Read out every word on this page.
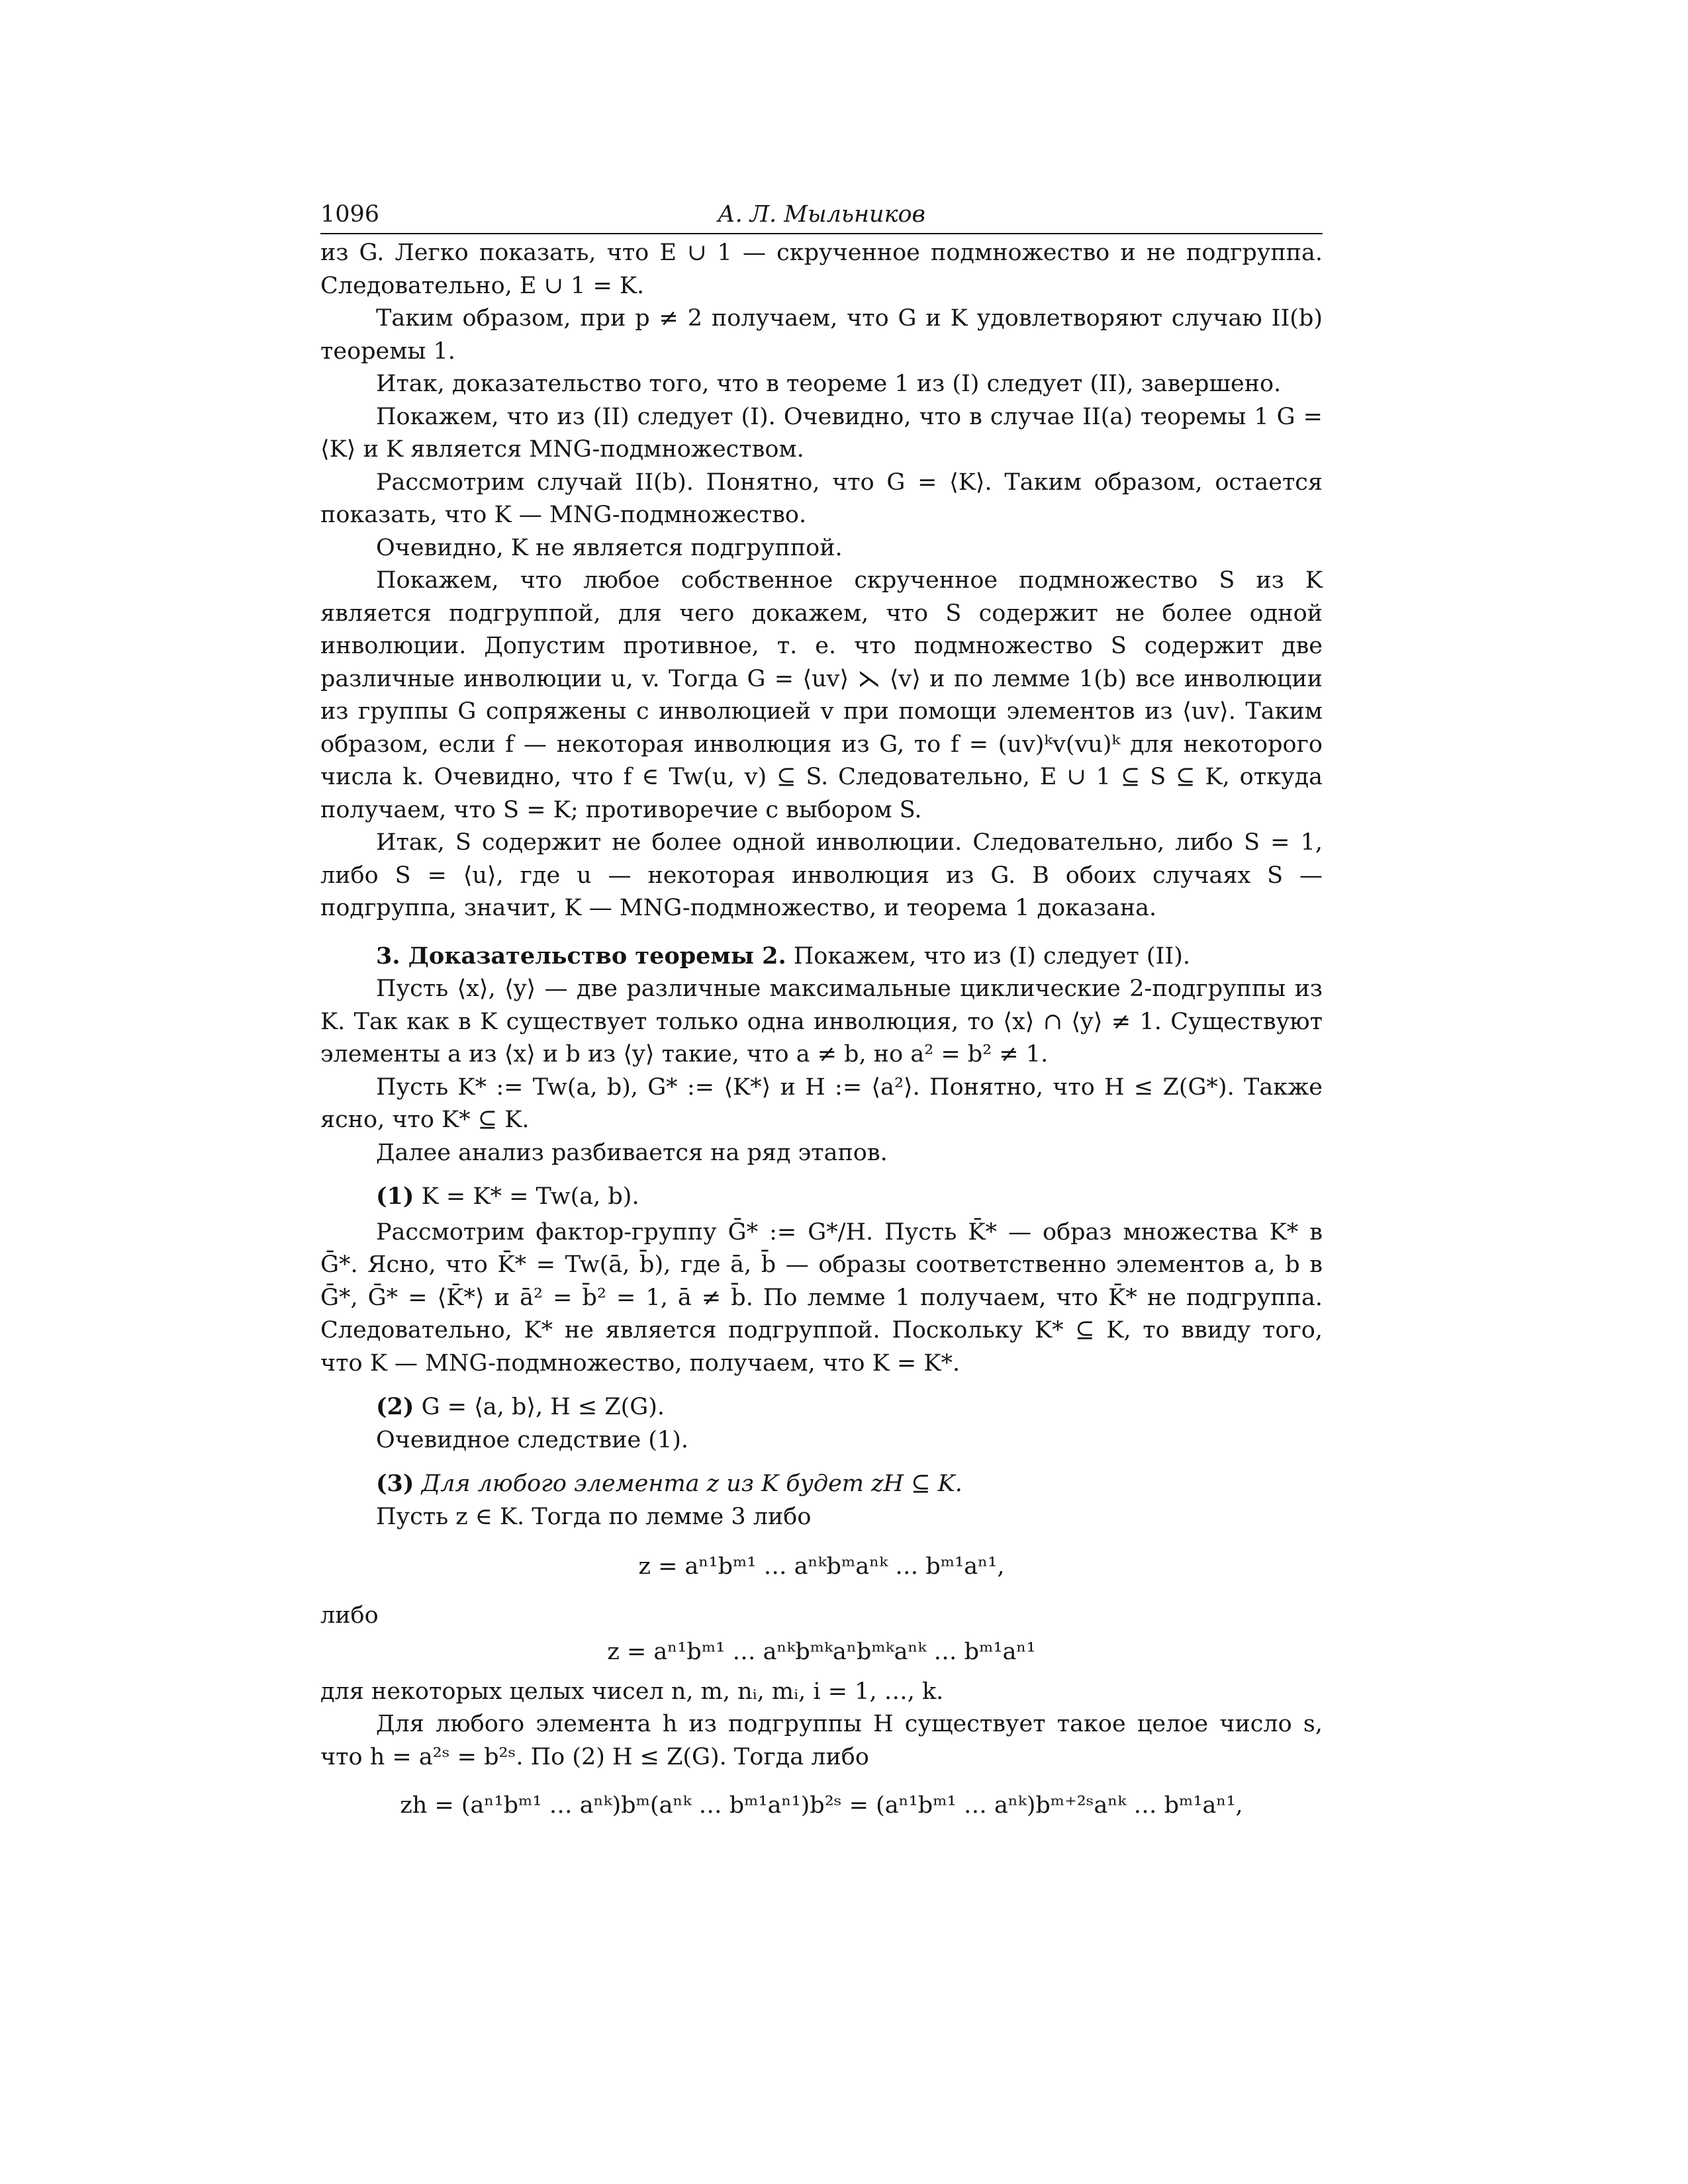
1096	А. Л. Мыльников

из G. Легко показать, что E ∪ 1 — скрученное подмножество и не подгруппа. Следовательно, E ∪ 1 = K.

Таким образом, при p ≠ 2 получаем, что G и K удовлетворяют случаю II(b) теоремы 1.

Итак, доказательство того, что в теореме 1 из (I) следует (II), завершено.

Покажем, что из (II) следует (I). Очевидно, что в случае II(a) теоремы 1 G = ⟨K⟩ и K является MNG-подмножеством.

Рассмотрим случай II(b). Понятно, что G = ⟨K⟩. Таким образом, остается показать, что K — MNG-подмножество.

Очевидно, K не является подгруппой.

Покажем, что любое собственное скрученное подмножество S из K является подгруппой, для чего докажем, что S содержит не более одной инволюции. Допустим противное, т. е. что подмножество S содержит две различные инволюции u, v. Тогда G = ⟨uv⟩ ⋋ ⟨v⟩ и по лемме 1(b) все инволюции из группы G сопряжены с инволюцией v при помощи элементов из ⟨uv⟩. Таким образом, если f — некоторая инволюция из G, то f = (uv)ᵏv(vu)ᵏ для некоторого числа k. Очевидно, что f ∈ Tw(u, v) ⊆ S. Следовательно, E ∪ 1 ⊆ S ⊆ K, откуда получаем, что S = K; противоречие с выбором S.

Итак, S содержит не более одной инволюции. Следовательно, либо S = 1, либо S = ⟨u⟩, где u — некоторая инволюция из G. В обоих случаях S — подгруппа, значит, K — MNG-подмножество, и теорема 1 доказана.

3. Доказательство теоремы 2. Покажем, что из (I) следует (II).

Пусть ⟨x⟩, ⟨y⟩ — две различные максимальные циклические 2-подгруппы из K. Так как в K существует только одна инволюция, то ⟨x⟩ ∩ ⟨y⟩ ≠ 1. Существуют элементы a из ⟨x⟩ и b из ⟨y⟩ такие, что a ≠ b, но a² = b² ≠ 1.

Пусть K* := Tw(a, b), G* := ⟨K*⟩ и H := ⟨a²⟩. Понятно, что H ≤ Z(G*). Также ясно, что K* ⊆ K.

Далее анализ разбивается на ряд этапов.

(1) K = K* = Tw(a, b).

Рассмотрим фактор-группу Ḡ* := G*/H. Пусть K̄* — образ множества K* в Ḡ*. Ясно, что K̄* = Tw(ā, b̄), где ā, b̄ — образы соответственно элементов a, b в Ḡ*, Ḡ* = ⟨K̄*⟩ и ā² = b̄² = 1, ā ≠ b̄. По лемме 1 получаем, что K̄* не подгруппа. Следовательно, K* не является подгруппой. Поскольку K* ⊆ K, то ввиду того, что K — MNG-подмножество, получаем, что K = K*.

(2) G = ⟨a, b⟩, H ≤ Z(G).

Очевидное следствие (1).

(3) Для любого элемента z из K будет zH ⊆ K.

Пусть z ∈ K. Тогда по лемме 3 либо

z = aⁿ¹bᵐ¹ … aⁿᵏbᵐaⁿᵏ … bᵐ¹aⁿ¹,

либо

z = aⁿ¹bᵐ¹ … aⁿᵏbᵐᵏaⁿbᵐᵏaⁿᵏ … bᵐ¹aⁿ¹

для некоторых целых чисел n, m, nᵢ, mᵢ, i = 1, …, k.

Для любого элемента h из подгруппы H существует такое целое число s, что h = a²ˢ = b²ˢ. По (2) H ≤ Z(G). Тогда либо

zh = (aⁿ¹bᵐ¹ … aⁿᵏ)bᵐ(aⁿᵏ … bᵐ¹aⁿ¹)b²ˢ = (aⁿ¹bᵐ¹ … aⁿᵏ)bᵐ⁺²ˢaⁿᵏ … bᵐ¹aⁿ¹,
